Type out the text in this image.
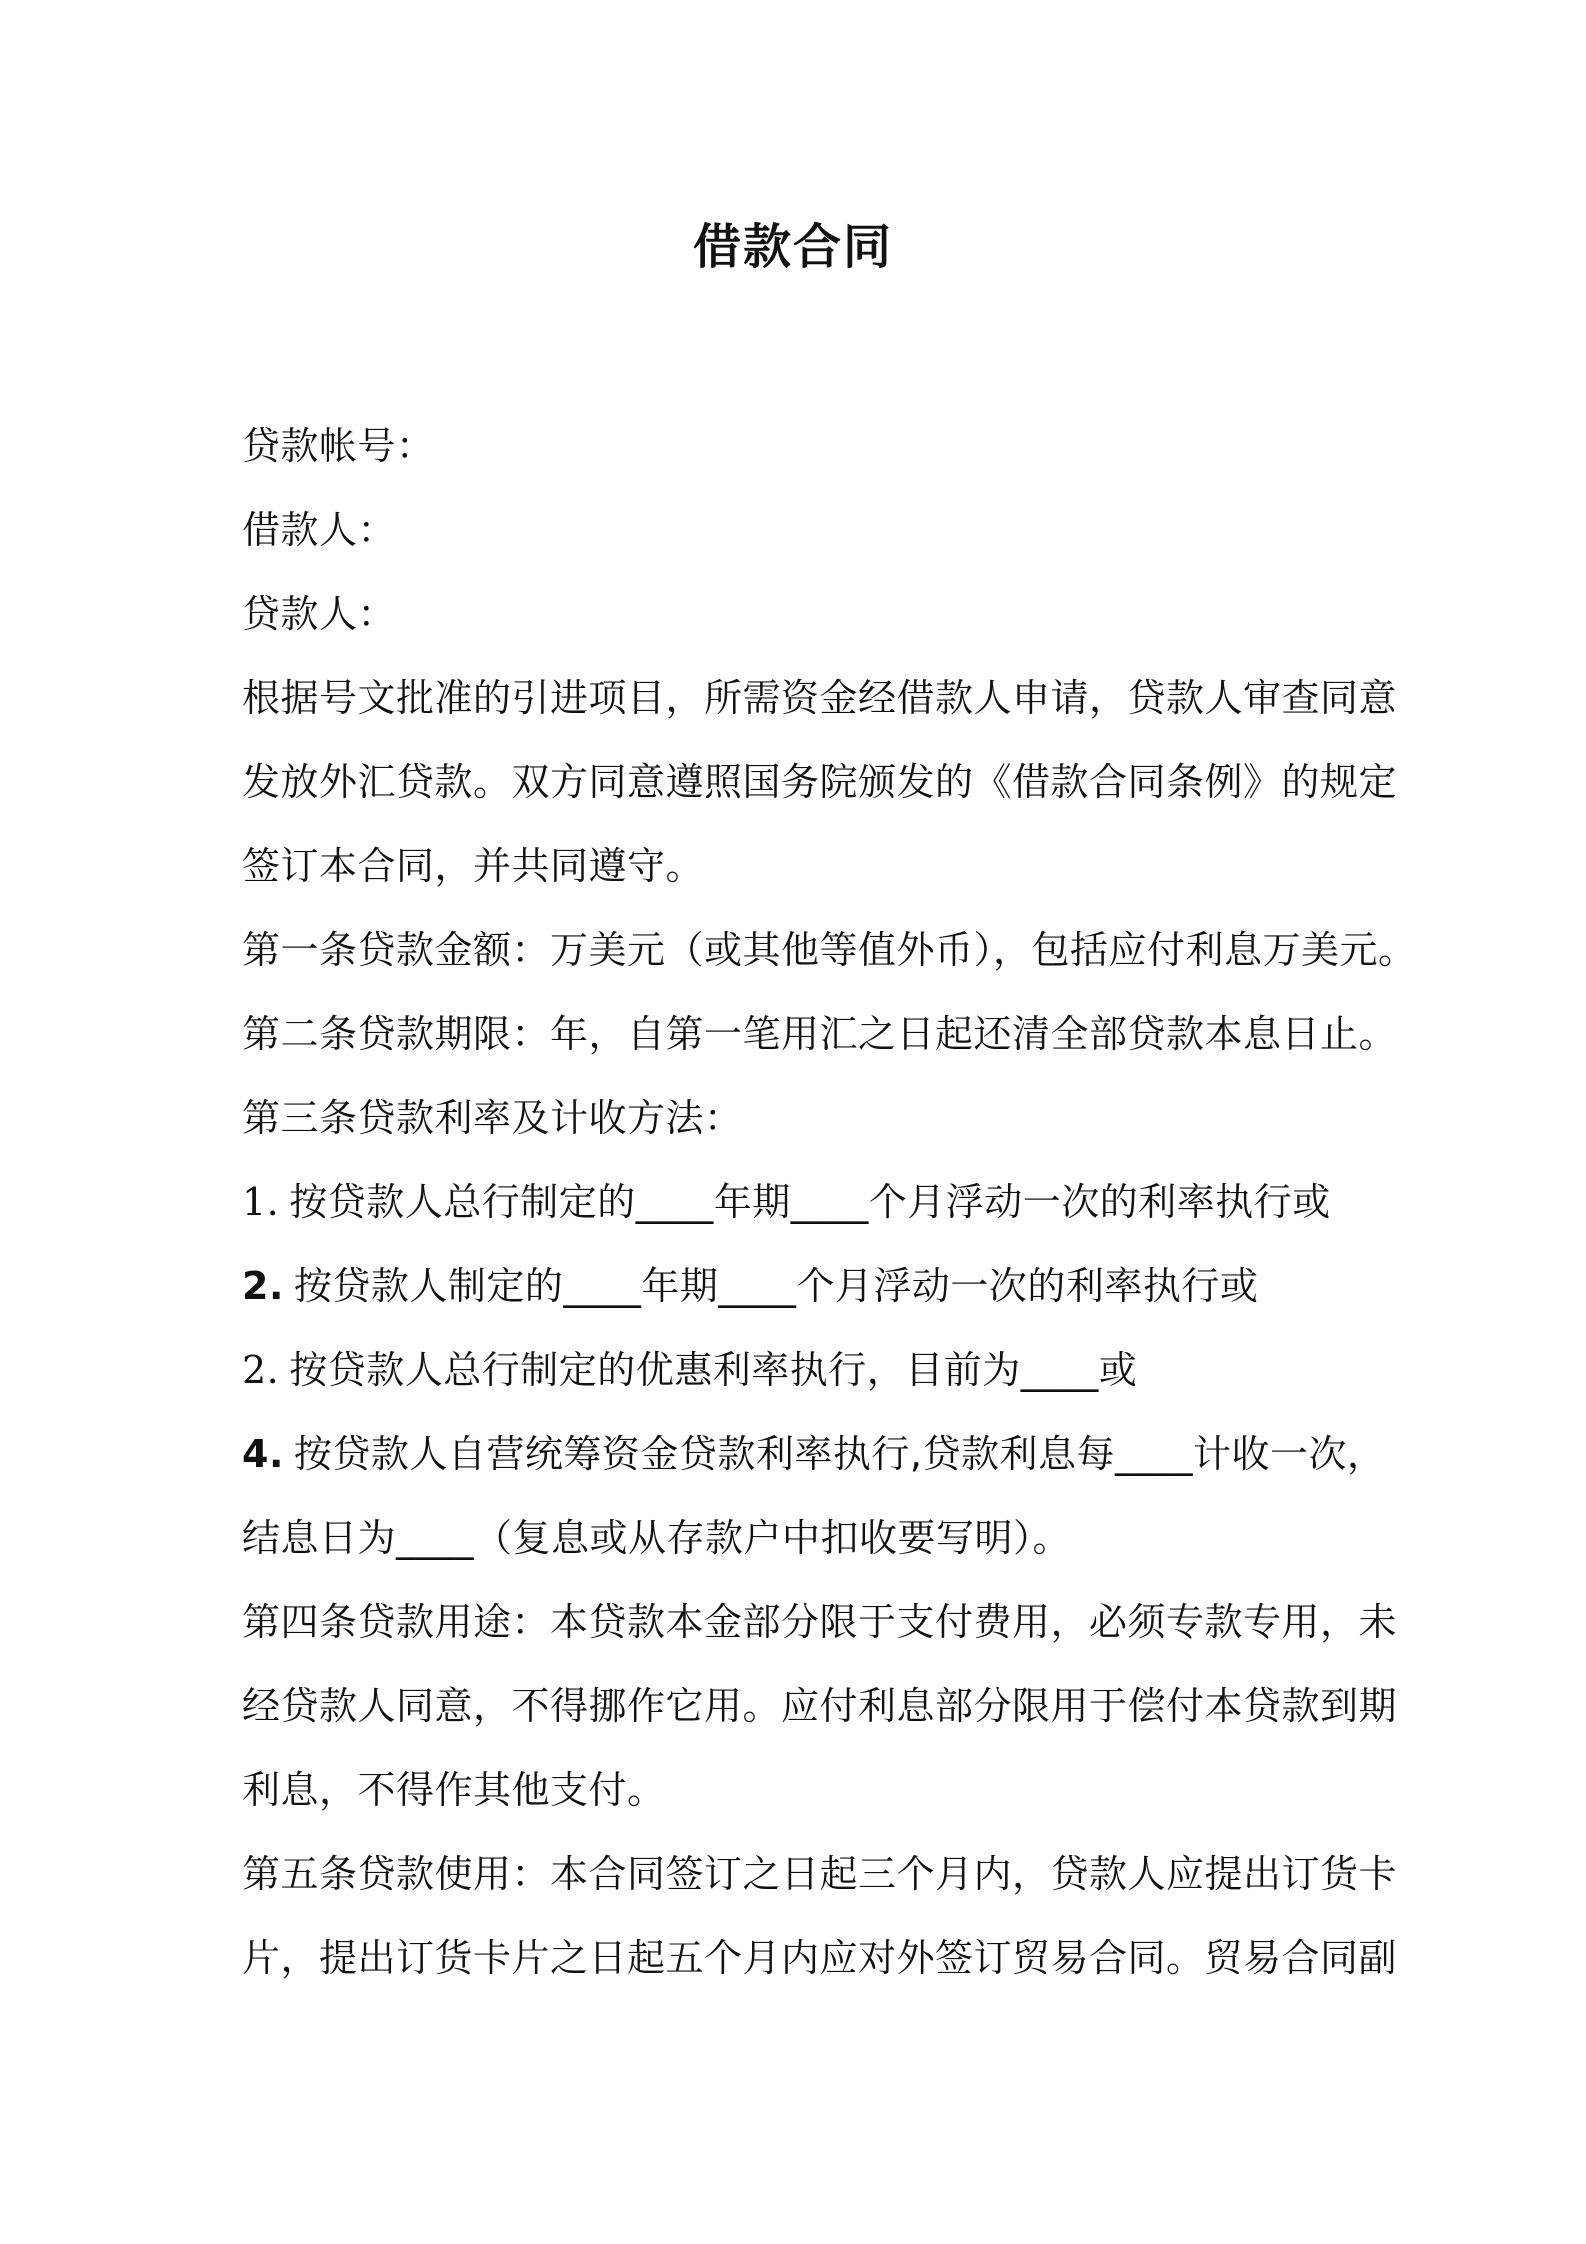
借款合同
贷款帐号：
借款人：
贷款人：
根据号文批准的引进项目，所需资金经借款人申请，贷款人审查同意
发放外汇贷款。双方同意遵照国务院颁发的《借款合同条例》的规定
签订本合同，并共同遵守。
第一条贷款金额：万美元（或其他等值外币），包括应付利息万美元。
第二条贷款期限：年，自第一笔用汇之日起还清全部贷款本息日止。
第三条贷款利率及计收方法：
1. 按贷款人总行制定的____年期____个月浮动一次的利率执行或
2. 按贷款人制定的____年期____个月浮动一次的利率执行或
2. 按贷款人总行制定的优惠利率执行，目前为____或
4. 按贷款人自营统筹资金贷款利率执行,贷款利息每____计收一次，
结息日为____（复息或从存款户中扣收要写明）。
第四条贷款用途：本贷款本金部分限于支付费用，必须专款专用，未
经贷款人同意，不得挪作它用。应付利息部分限用于偿付本贷款到期
利息，不得作其他支付。
第五条贷款使用：本合同签订之日起三个月内，贷款人应提出订货卡
片，提出订货卡片之日起五个月内应对外签订贸易合同。贸易合同副
